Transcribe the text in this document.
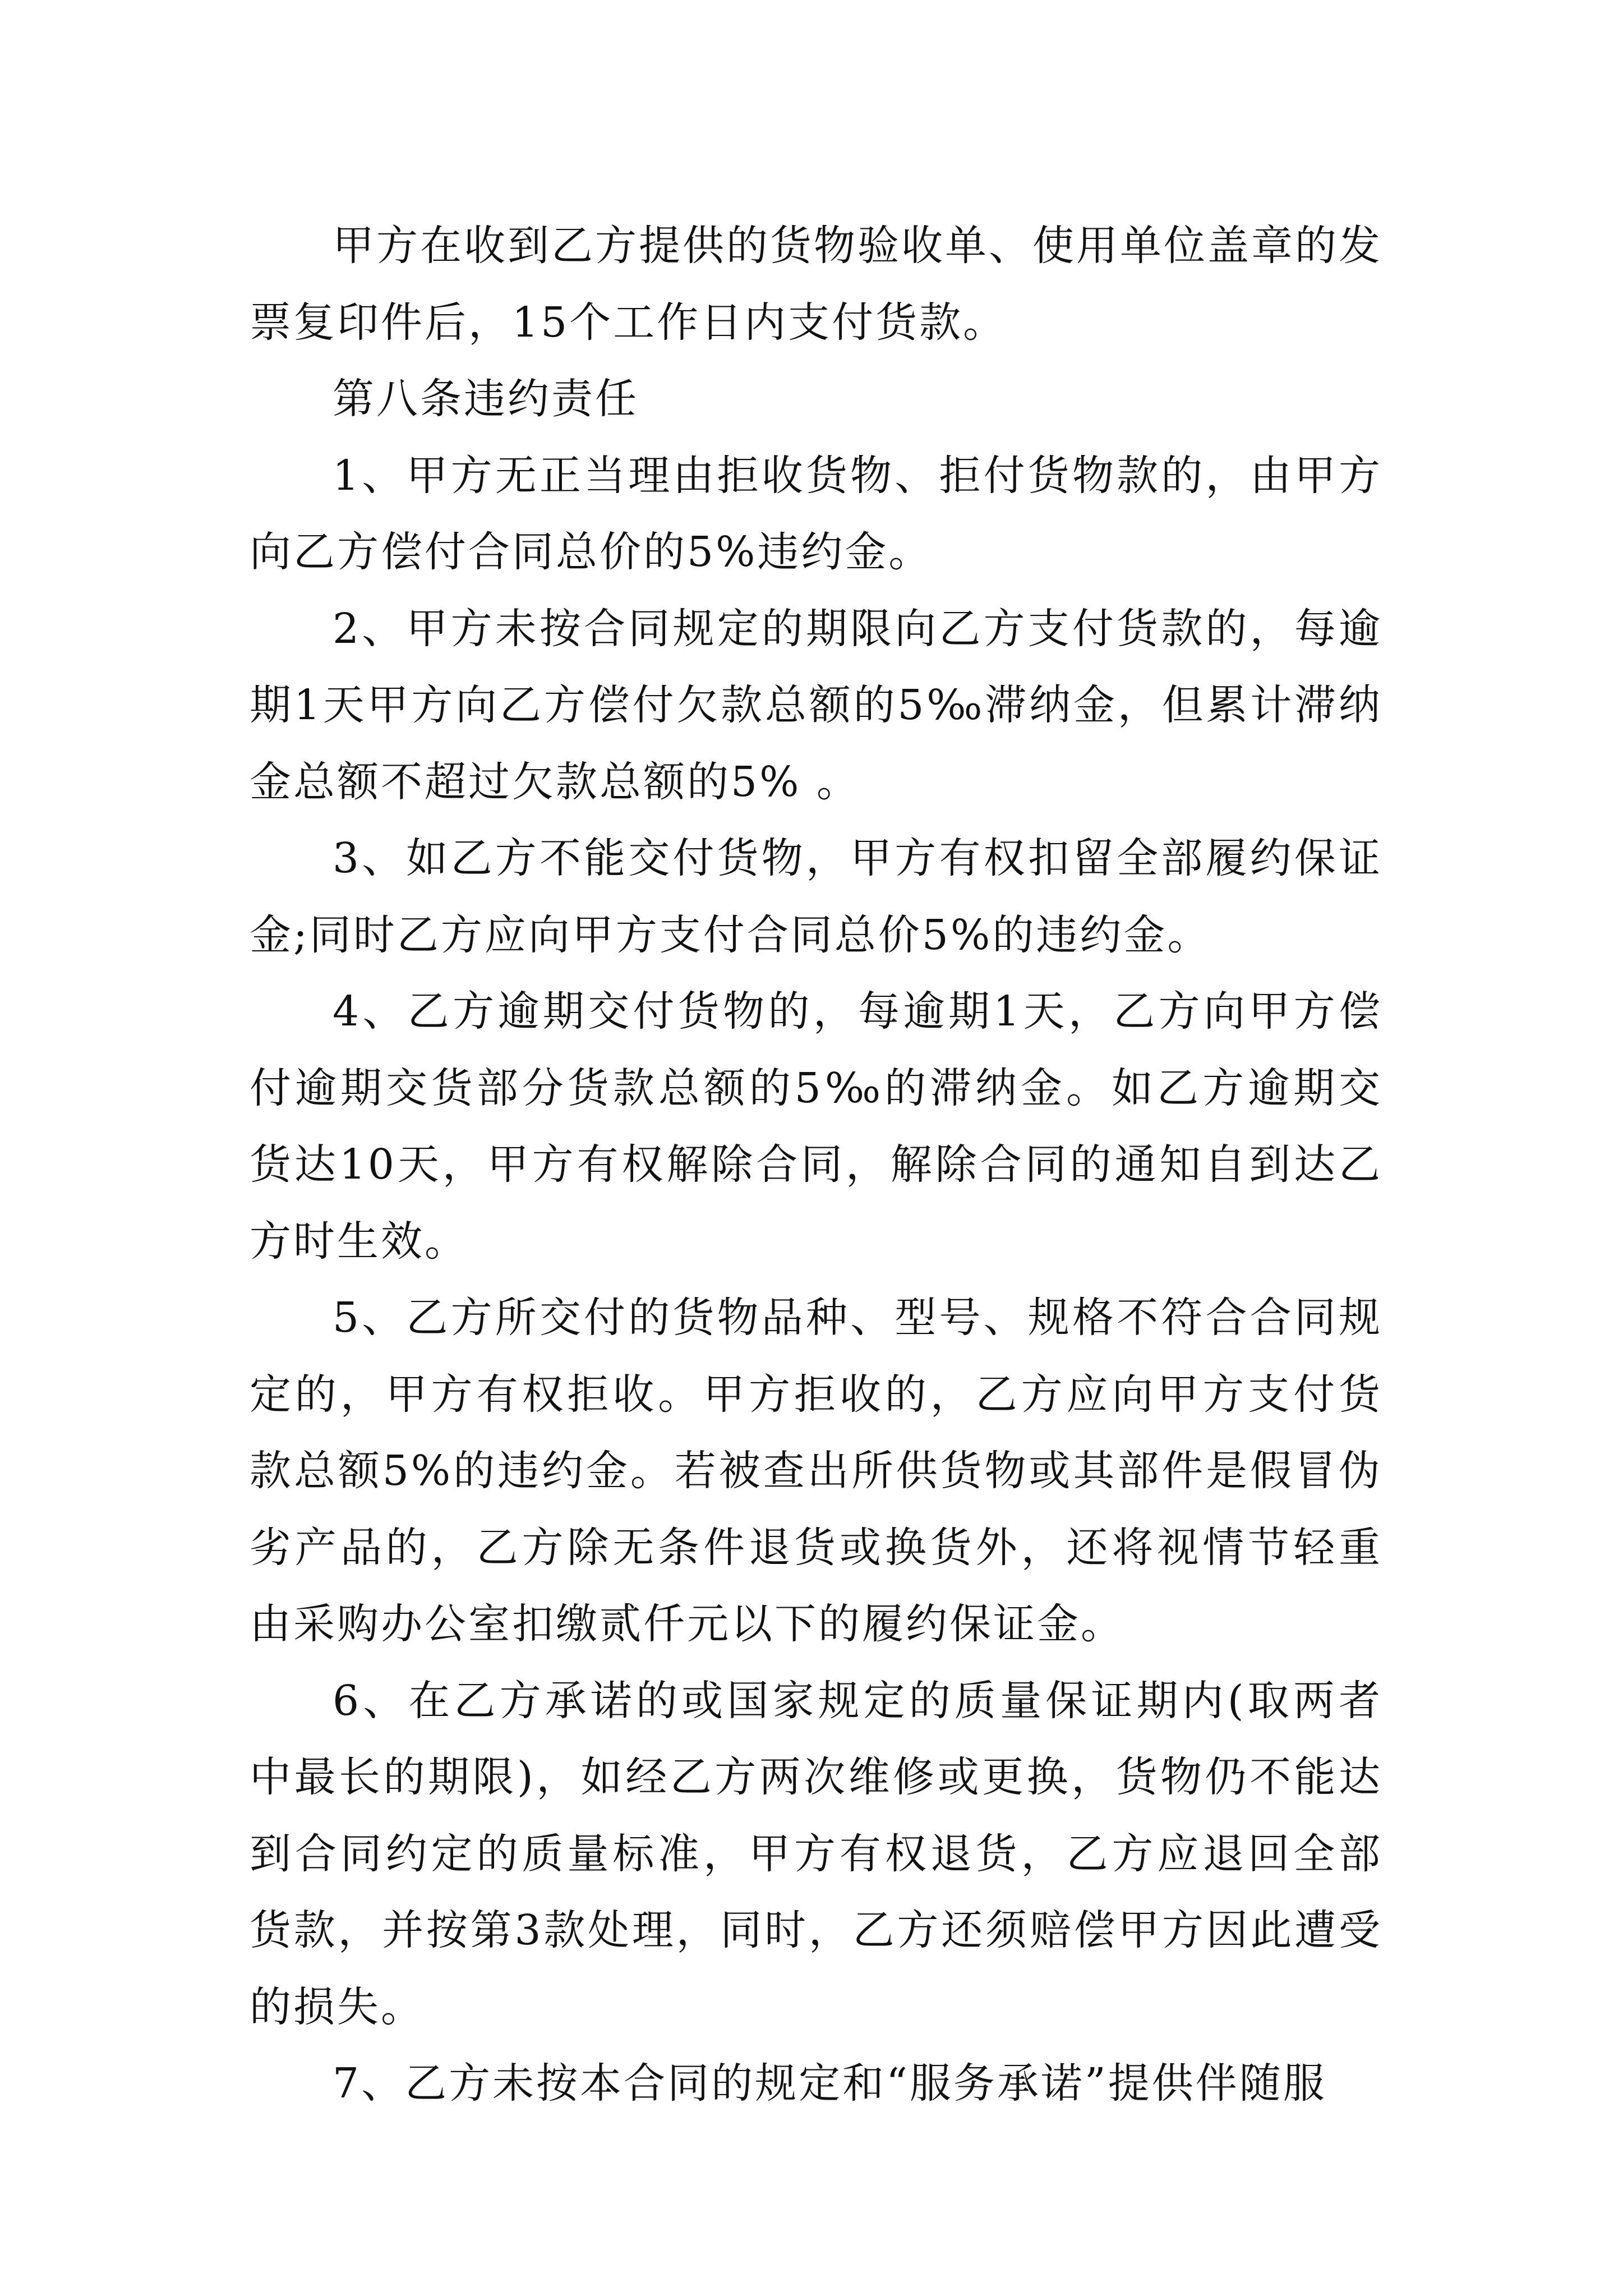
甲方在收到乙方提供的货物验收单、使用单位盖章的发票复印件后，15个工作日内支付货款。

第八条违约责任

1、甲方无正当理由拒收货物、拒付货物款的，由甲方向乙方偿付合同总价的5%违约金。

2、甲方未按合同规定的期限向乙方支付货款的，每逾期1天甲方向乙方偿付欠款总额的5‰滞纳金，但累计滞纳金总额不超过欠款总额的5% 。

3、如乙方不能交付货物，甲方有权扣留全部履约保证金;同时乙方应向甲方支付合同总价5%的违约金。

4、乙方逾期交付货物的，每逾期1天，乙方向甲方偿付逾期交货部分货款总额的5‰的滞纳金。如乙方逾期交货达10天，甲方有权解除合同，解除合同的通知自到达乙方时生效。

5、乙方所交付的货物品种、型号、规格不符合合同规定的，甲方有权拒收。甲方拒收的，乙方应向甲方支付货款总额5%的违约金。若被查出所供货物或其部件是假冒伪劣产品的，乙方除无条件退货或换货外，还将视情节轻重由采购办公室扣缴贰仟元以下的履约保证金。

6、在乙方承诺的或国家规定的质量保证期内(取两者中最长的期限)，如经乙方两次维修或更换，货物仍不能达到合同约定的质量标准，甲方有权退货，乙方应退回全部货款，并按第3款处理，同时，乙方还须赔偿甲方因此遭受的损失。

7、乙方未按本合同的规定和“服务承诺”提供伴随服
